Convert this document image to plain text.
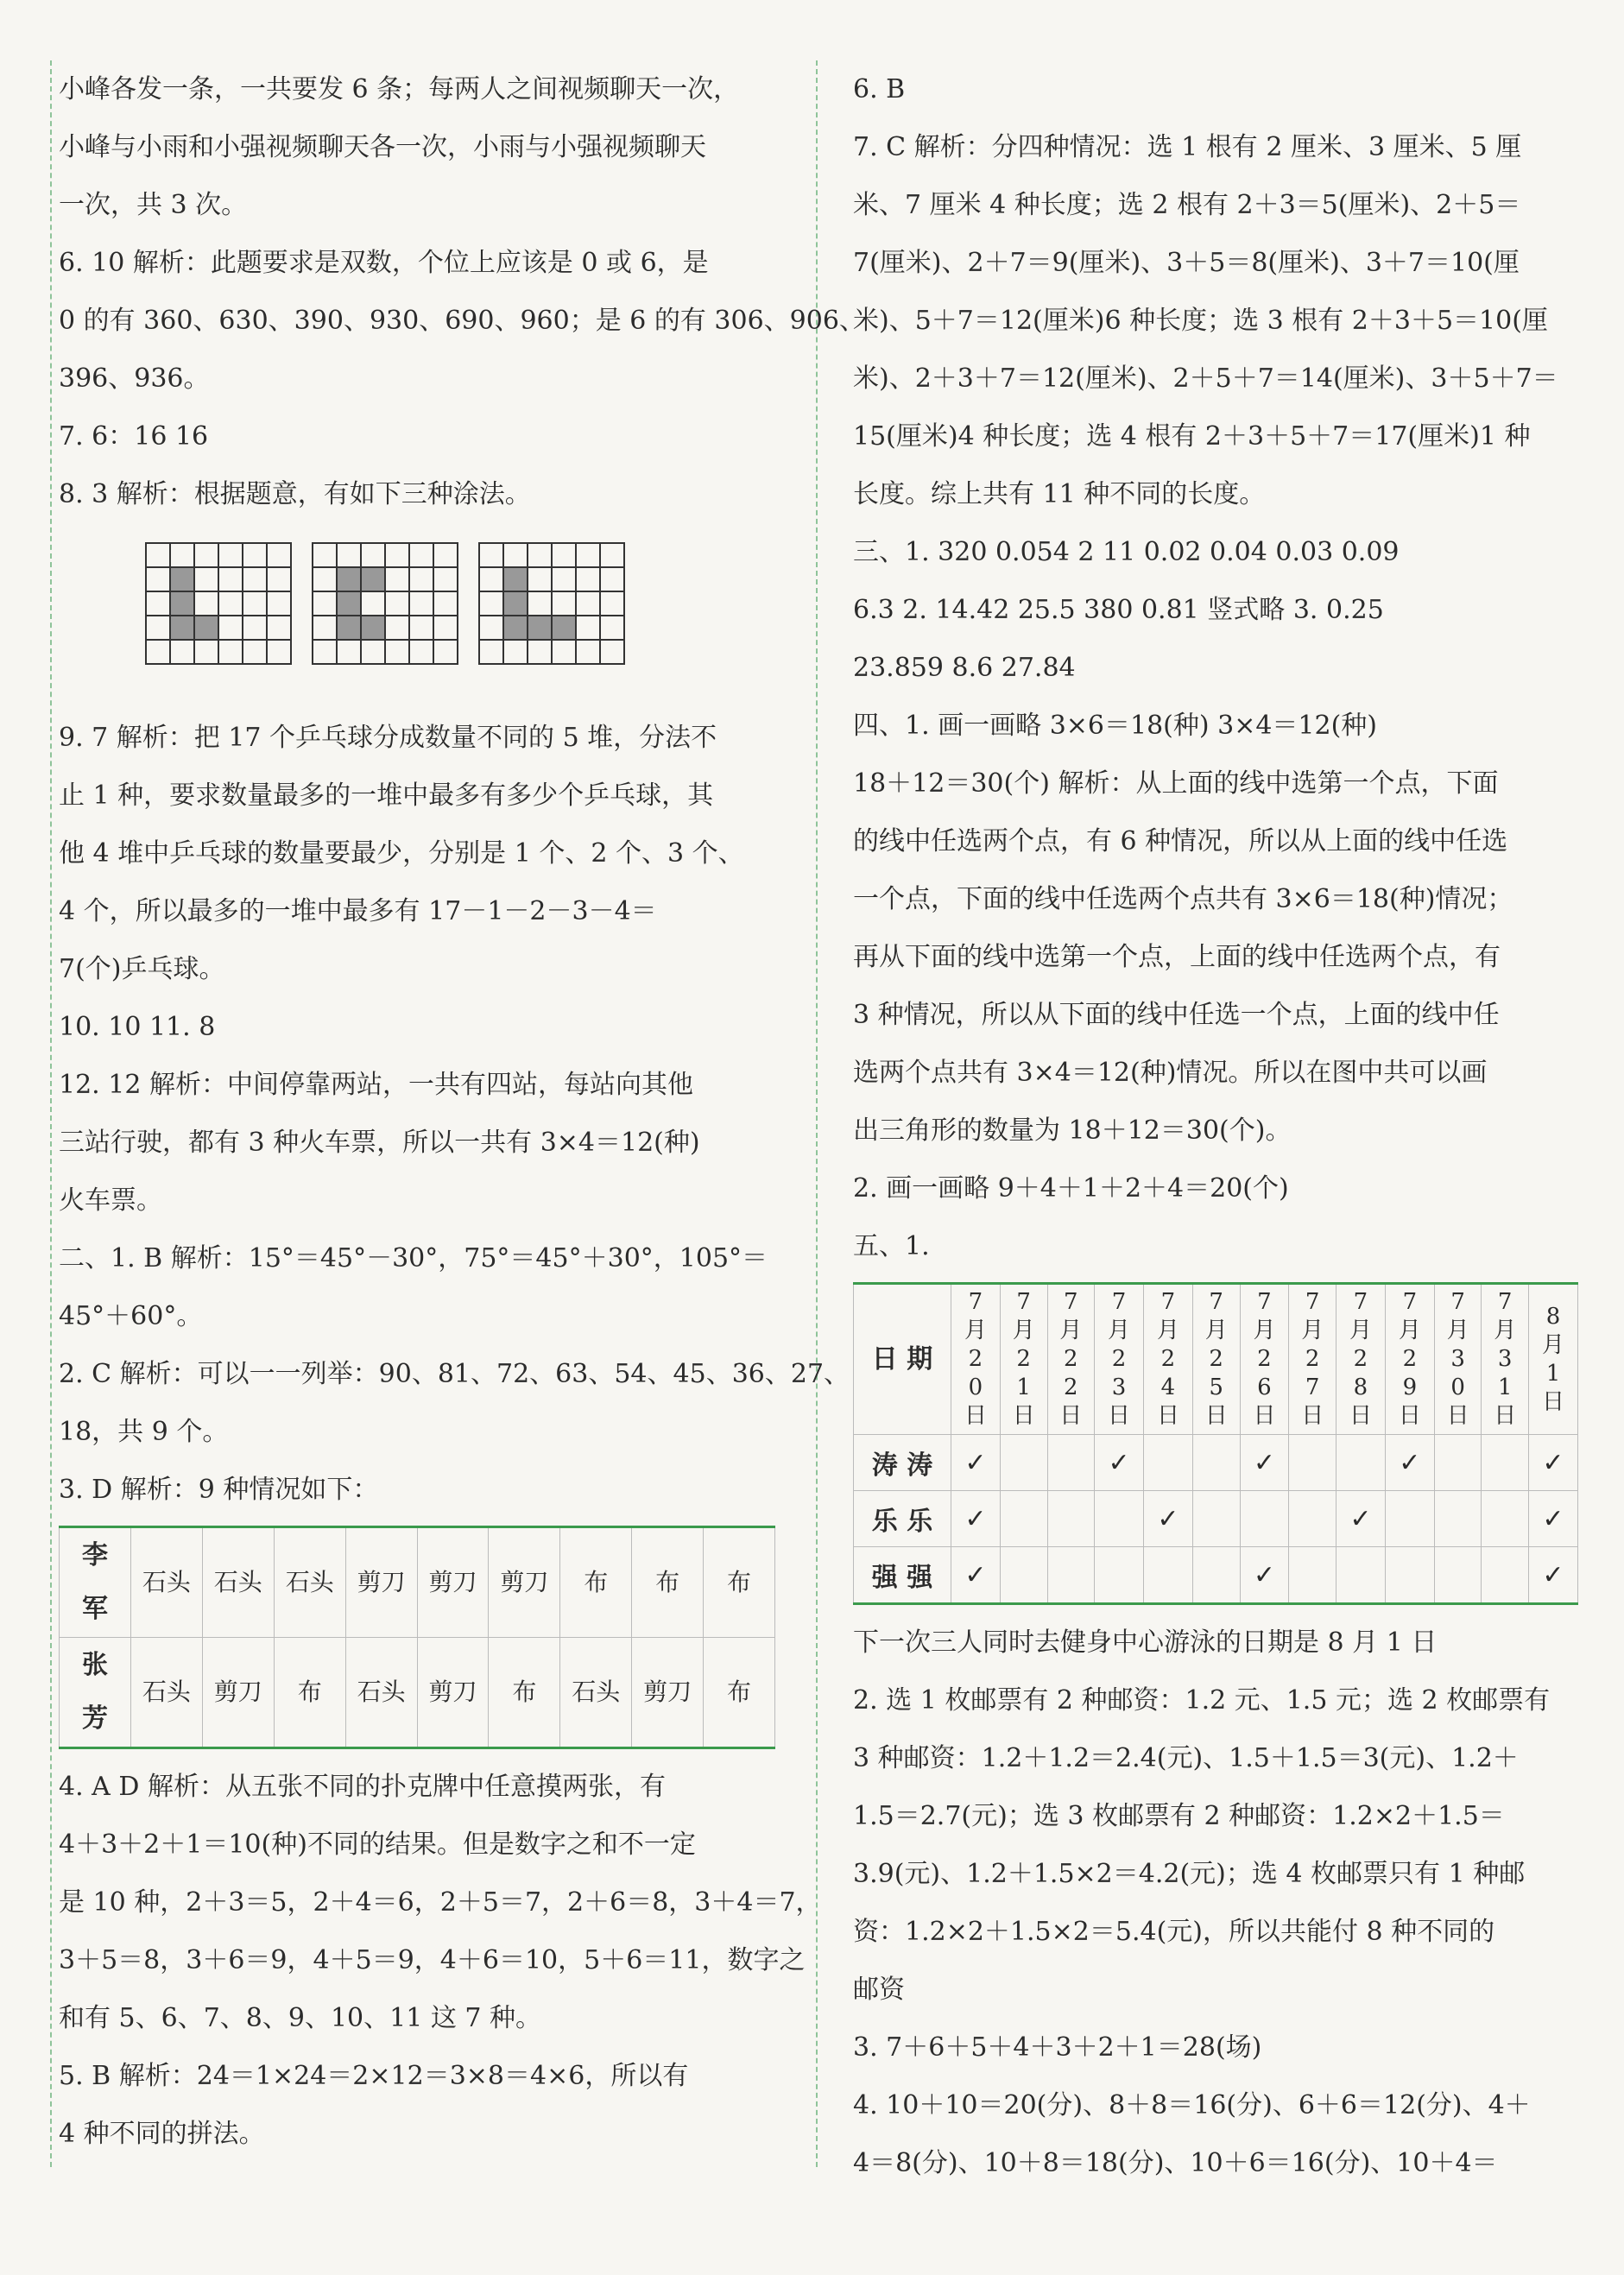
小峰各发一条，一共要发 6 条；每两人之间视频聊天一次，

小峰与小雨和小强视频聊天各一次，小雨与小强视频聊天

一次，共 3 次。

6. 10 解析：此题要求是双数，个位上应该是 0 或 6，是

0 的有 360、630、390、930、690、960；是 6 的有 306、906、

396、936。

7. 6：16 16

8. 3 解析：根据题意，有如下三种涂法。

9. 7 解析：把 17 个乒乓球分成数量不同的 5 堆，分法不

止 1 种，要求数量最多的一堆中最多有多少个乒乓球，其

他 4 堆中乒乓球的数量要最少，分别是 1 个、2 个、3 个、

4 个，所以最多的一堆中最多有 17－1－2－3－4＝

7(个)乒乓球。

10. 10 11. 8

12. 12 解析：中间停靠两站，一共有四站，每站向其他

三站行驶，都有 3 种火车票，所以一共有 3×4＝12(种)

火车票。

二、1. B 解析：15°＝45°－30°，75°＝45°＋30°，105°＝

45°＋60°。

2. C 解析：可以一一列举：90、81、72、63、54、45、36、27、

18，共 9 个。

3. D 解析：9 种情况如下：

李
军	石头	石头	石头	剪刀	剪刀	剪刀	布	布	布
张
芳	石头	剪刀	布	石头	剪刀	布	石头	剪刀	布

4. A D 解析：从五张不同的扑克牌中任意摸两张，有

4＋3＋2＋1＝10(种)不同的结果。但是数字之和不一定

是 10 种，2＋3＝5，2＋4＝6，2＋5＝7，2＋6＝8，3＋4＝7，

3＋5＝8，3＋6＝9，4＋5＝9，4＋6＝10，5＋6＝11，数字之

和有 5、6、7、8、9、10、11 这 7 种。

5. B 解析：24＝1×24＝2×12＝3×8＝4×6，所以有

4 种不同的拼法。

6. B

7. C 解析：分四种情况：选 1 根有 2 厘米、3 厘米、5 厘

米、7 厘米 4 种长度；选 2 根有 2＋3＝5(厘米)、2＋5＝

7(厘米)、2＋7＝9(厘米)、3＋5＝8(厘米)、3＋7＝10(厘

米)、5＋7＝12(厘米)6 种长度；选 3 根有 2＋3＋5＝10(厘

米)、2＋3＋7＝12(厘米)、2＋5＋7＝14(厘米)、3＋5＋7＝

15(厘米)4 种长度；选 4 根有 2＋3＋5＋7＝17(厘米)1 种

长度。综上共有 11 种不同的长度。

三、1. 320 0.054 2 11 0.02 0.04 0.03 0.09

6.3 2. 14.42 25.5 380 0.81 竖式略 3. 0.25

23.859 8.6 27.84

四、1. 画一画略 3×6＝18(种) 3×4＝12(种)

18＋12＝30(个) 解析：从上面的线中选第一个点，下面

的线中任选两个点，有 6 种情况，所以从上面的线中任选

一个点，下面的线中任选两个点共有 3×6＝18(种)情况；

再从下面的线中选第一个点，上面的线中任选两个点，有

3 种情况，所以从下面的线中任选一个点，上面的线中任

选两个点共有 3×4＝12(种)情况。所以在图中共可以画

出三角形的数量为 18＋12＝30(个)。

2. 画一画略 9＋4＋1＋2＋4＝20(个)

五、1.

日 期	7
月
2
0
日	7
月
2
1
日	7
月
2
2
日	7
月
2
3
日	7
月
2
4
日	7
月
2
5
日	7
月
2
6
日	7
月
2
7
日	7
月
2
8
日	7
月
2
9
日	7
月
3
0
日	7
月
3
1
日	8
月
1
日
涛 涛	✓			✓			✓			✓			✓
乐 乐	✓				✓				✓				✓
强 强	✓						✓						✓

下一次三人同时去健身中心游泳的日期是 8 月 1 日

2. 选 1 枚邮票有 2 种邮资：1.2 元、1.5 元；选 2 枚邮票有

3 种邮资：1.2＋1.2＝2.4(元)、1.5＋1.5＝3(元)、1.2＋

1.5＝2.7(元)；选 3 枚邮票有 2 种邮资：1.2×2＋1.5＝

3.9(元)、1.2＋1.5×2＝4.2(元)；选 4 枚邮票只有 1 种邮

资：1.2×2＋1.5×2＝5.4(元)，所以共能付 8 种不同的

邮资

3. 7＋6＋5＋4＋3＋2＋1＝28(场)

4. 10＋10＝20(分)、8＋8＝16(分)、6＋6＝12(分)、4＋

4＝8(分)、10＋8＝18(分)、10＋6＝16(分)、10＋4＝
